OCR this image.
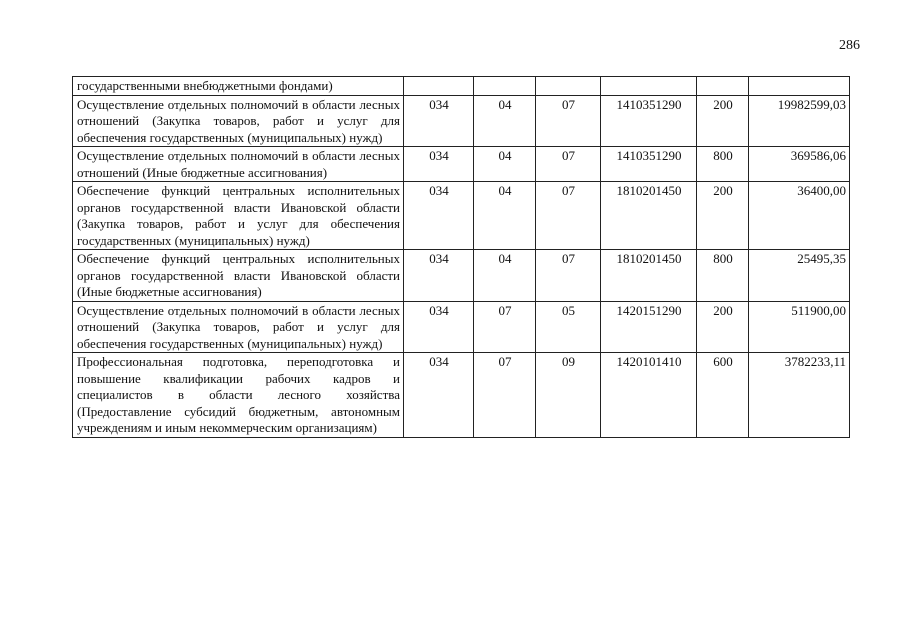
286
государственными внебюджетными фондами)						
Осуществление отдельных полномочий в области лесных отношений (Закупка товаров, работ и услуг для обеспечения государственных (муниципальных) нужд)	034	04	07	1410351290	200	19982599,03
Осуществление отдельных полномочий в области лесных отношений (Иные бюджетные ассигнования)	034	04	07	1410351290	800	369586,06
Обеспечение функций центральных исполнительных органов государственной власти Ивановской области (Закупка товаров, работ и услуг для обеспечения государственных (муниципальных) нужд)	034	04	07	1810201450	200	36400,00
Обеспечение функций центральных исполнительных органов государственной власти Ивановской области (Иные бюджетные ассигнования)	034	04	07	1810201450	800	25495,35
Осуществление отдельных полномочий в области лесных отношений (Закупка товаров, работ и услуг для обеспечения государственных (муниципальных) нужд)	034	07	05	1420151290	200	511900,00
Профессиональная подготовка, переподготовка и повышение квалификации рабочих кадров и специалистов в области лесного хозяйства (Предоставление субсидий бюджетным, автономным учреждениям и иным некоммерческим организациям)	034	07	09	1420101410	600	3782233,11
